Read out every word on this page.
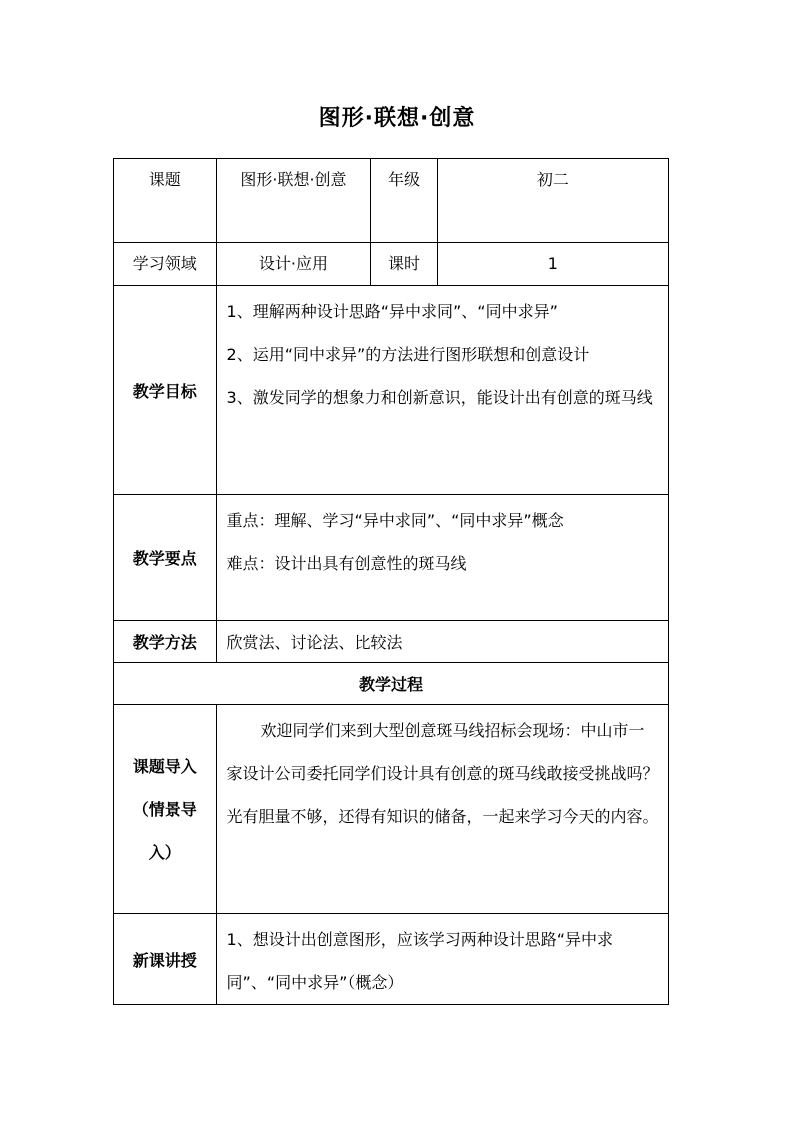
图形·联想·创意
课题	图形·联想·创意	年级	初二

学习领域	设计·应用	课时	1

教学目标	1、理解两种设计思路“异中求同”、“同中求异”

2、运用“同中求异”的方法进行图形联想和创意设计

3、激发同学的想象力和创新意识，能设计出有创意的斑马线		

教学要点	重点：理解、学习“异中求同”、“同中求异”概念

难点：设计出具有创意性的斑马线		

教学方法	欣赏法、讨论法、比较法		

教学过程			

课题导入（情景导入）	欢迎同学们来到大型创意斑马线招标会现场：中山市一家设计公司委托同学们设计具有创意的斑马线敢接受挑战吗？光有胆量不够，还得有知识的储备，一起来学习今天的内容。		

新课讲授	1、想设计出创意图形，应该学习两种设计思路“异中求同”、“同中求异”（概念）		
